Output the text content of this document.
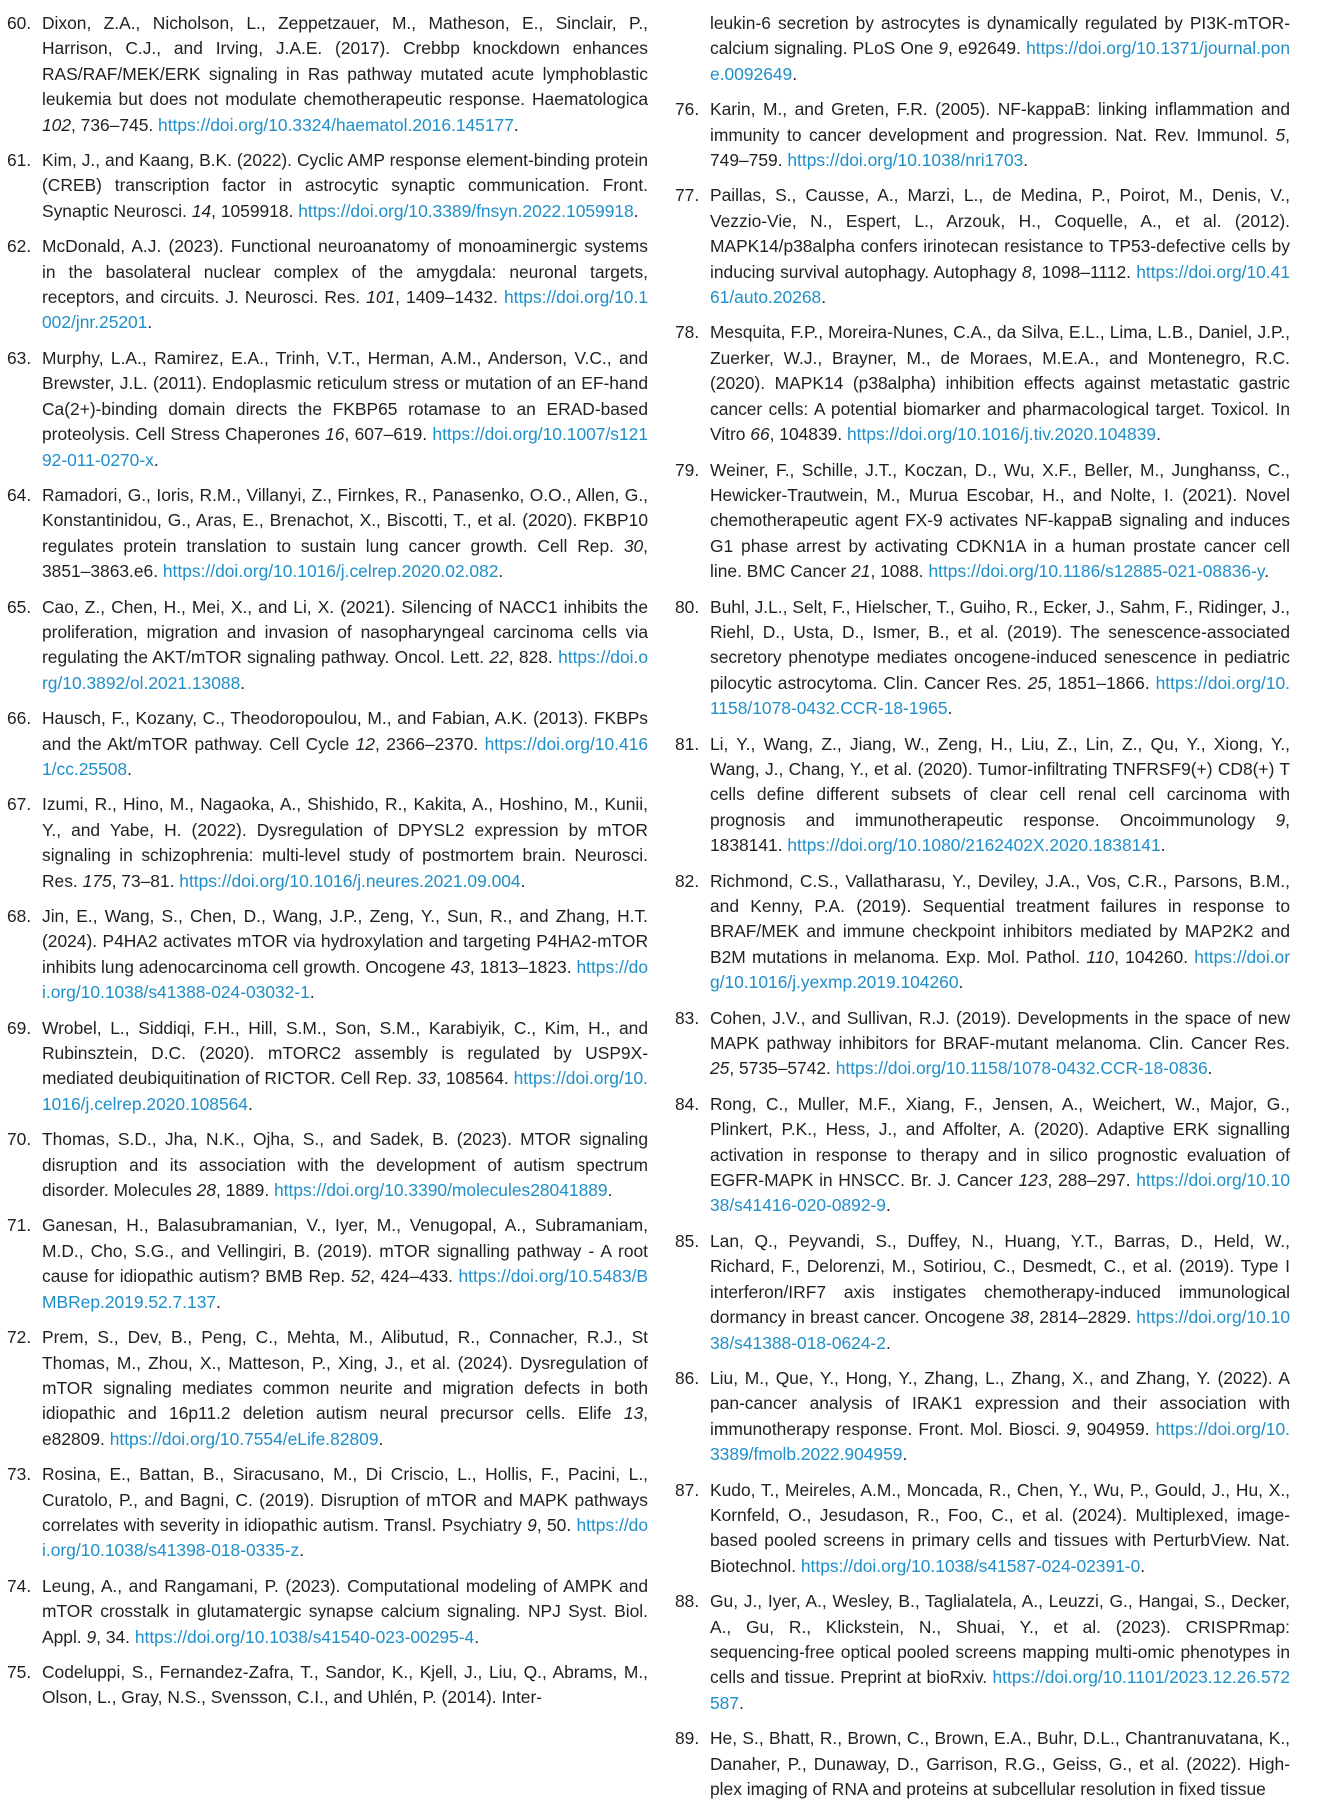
60. Dixon, Z.A., Nicholson, L., Zeppetzauer, M., Matheson, E., Sinclair, P., Harrison, C.J., and Irving, J.A.E. (2017). Crebbp knockdown enhances RAS/RAF/MEK/ERK signaling in Ras pathway mutated acute lymphoblastic leukemia but does not modulate chemotherapeutic response. Haematologica 102, 736–745. https://doi.org/10.3324/haematol.2016.145177.
61. Kim, J., and Kaang, B.K. (2022). Cyclic AMP response element-binding protein (CREB) transcription factor in astrocytic synaptic communication. Front. Synaptic Neurosci. 14, 1059918. https://doi.org/10.3389/fnsyn.2022.1059918.
62. McDonald, A.J. (2023). Functional neuroanatomy of monoaminergic systems in the basolateral nuclear complex of the amygdala: neuronal targets, receptors, and circuits. J. Neurosci. Res. 101, 1409–1432. https://doi.org/10.1002/jnr.25201.
63. Murphy, L.A., Ramirez, E.A., Trinh, V.T., Herman, A.M., Anderson, V.C., and Brewster, J.L. (2011). Endoplasmic reticulum stress or mutation of an EF-hand Ca(2+)-binding domain directs the FKBP65 rotamase to an ERAD-based proteolysis. Cell Stress Chaperones 16, 607–619. https://doi.org/10.1007/s12192-011-0270-x.
64. Ramadori, G., Ioris, R.M., Villanyi, Z., Firnkes, R., Panasenko, O.O., Allen, G., Konstantinidou, G., Aras, E., Brenachot, X., Biscotti, T., et al. (2020). FKBP10 regulates protein translation to sustain lung cancer growth. Cell Rep. 30, 3851–3863.e6. https://doi.org/10.1016/j.celrep.2020.02.082.
65. Cao, Z., Chen, H., Mei, X., and Li, X. (2021). Silencing of NACC1 inhibits the proliferation, migration and invasion of nasopharyngeal carcinoma cells via regulating the AKT/mTOR signaling pathway. Oncol. Lett. 22, 828. https://doi.org/10.3892/ol.2021.13088.
66. Hausch, F., Kozany, C., Theodoropoulou, M., and Fabian, A.K. (2013). FKBPs and the Akt/mTOR pathway. Cell Cycle 12, 2366–2370. https://doi.org/10.4161/cc.25508.
67. Izumi, R., Hino, M., Nagaoka, A., Shishido, R., Kakita, A., Hoshino, M., Kunii, Y., and Yabe, H. (2022). Dysregulation of DPYSL2 expression by mTOR signaling in schizophrenia: multi-level study of postmortem brain. Neurosci. Res. 175, 73–81. https://doi.org/10.1016/j.neures.2021.09.004.
68. Jin, E., Wang, S., Chen, D., Wang, J.P., Zeng, Y., Sun, R., and Zhang, H.T. (2024). P4HA2 activates mTOR via hydroxylation and targeting P4HA2-mTOR inhibits lung adenocarcinoma cell growth. Oncogene 43, 1813–1823. https://doi.org/10.1038/s41388-024-03032-1.
69. Wrobel, L., Siddiqi, F.H., Hill, S.M., Son, S.M., Karabiyik, C., Kim, H., and Rubinsztein, D.C. (2020). mTORC2 assembly is regulated by USP9X-mediated deubiquitination of RICTOR. Cell Rep. 33, 108564. https://doi.org/10.1016/j.celrep.2020.108564.
70. Thomas, S.D., Jha, N.K., Ojha, S., and Sadek, B. (2023). MTOR signaling disruption and its association with the development of autism spectrum disorder. Molecules 28, 1889. https://doi.org/10.3390/molecules28041889.
71. Ganesan, H., Balasubramanian, V., Iyer, M., Venugopal, A., Subramaniam, M.D., Cho, S.G., and Vellingiri, B. (2019). mTOR signalling pathway - A root cause for idiopathic autism? BMB Rep. 52, 424–433. https://doi.org/10.5483/BMBRep.2019.52.7.137.
72. Prem, S., Dev, B., Peng, C., Mehta, M., Alibutud, R., Connacher, R.J., St Thomas, M., Zhou, X., Matteson, P., Xing, J., et al. (2024). Dysregulation of mTOR signaling mediates common neurite and migration defects in both idiopathic and 16p11.2 deletion autism neural precursor cells. Elife 13, e82809. https://doi.org/10.7554/eLife.82809.
73. Rosina, E., Battan, B., Siracusano, M., Di Criscio, L., Hollis, F., Pacini, L., Curatolo, P., and Bagni, C. (2019). Disruption of mTOR and MAPK pathways correlates with severity in idiopathic autism. Transl. Psychiatry 9, 50. https://doi.org/10.1038/s41398-018-0335-z.
74. Leung, A., and Rangamani, P. (2023). Computational modeling of AMPK and mTOR crosstalk in glutamatergic synapse calcium signaling. NPJ Syst. Biol. Appl. 9, 34. https://doi.org/10.1038/s41540-023-00295-4.
75. Codeluppi, S., Fernandez-Zafra, T., Sandor, K., Kjell, J., Liu, Q., Abrams, M., Olson, L., Gray, N.S., Svensson, C.I., and Uhlén, P. (2014). Inter-
leukin-6 secretion by astrocytes is dynamically regulated by PI3K-mTOR-calcium signaling. PLoS One 9, e92649. https://doi.org/10.1371/journal.pone.0092649.
76. Karin, M., and Greten, F.R. (2005). NF-kappaB: linking inflammation and immunity to cancer development and progression. Nat. Rev. Immunol. 5, 749–759. https://doi.org/10.1038/nri1703.
77. Paillas, S., Causse, A., Marzi, L., de Medina, P., Poirot, M., Denis, V., Vezzio-Vie, N., Espert, L., Arzouk, H., Coquelle, A., et al. (2012). MAPK14/p38alpha confers irinotecan resistance to TP53-defective cells by inducing survival autophagy. Autophagy 8, 1098–1112. https://doi.org/10.4161/auto.20268.
78. Mesquita, F.P., Moreira-Nunes, C.A., da Silva, E.L., Lima, L.B., Daniel, J.P., Zuerker, W.J., Brayner, M., de Moraes, M.E.A., and Montenegro, R.C. (2020). MAPK14 (p38alpha) inhibition effects against metastatic gastric cancer cells: A potential biomarker and pharmacological target. Toxicol. In Vitro 66, 104839. https://doi.org/10.1016/j.tiv.2020.104839.
79. Weiner, F., Schille, J.T., Koczan, D., Wu, X.F., Beller, M., Junghanss, C., Hewicker-Trautwein, M., Murua Escobar, H., and Nolte, I. (2021). Novel chemotherapeutic agent FX-9 activates NF-kappaB signaling and induces G1 phase arrest by activating CDKN1A in a human prostate cancer cell line. BMC Cancer 21, 1088. https://doi.org/10.1186/s12885-021-08836-y.
80. Buhl, J.L., Selt, F., Hielscher, T., Guiho, R., Ecker, J., Sahm, F., Ridinger, J., Riehl, D., Usta, D., Ismer, B., et al. (2019). The senescence-associated secretory phenotype mediates oncogene-induced senescence in pediatric pilocytic astrocytoma. Clin. Cancer Res. 25, 1851–1866. https://doi.org/10.1158/1078-0432.CCR-18-1965.
81. Li, Y., Wang, Z., Jiang, W., Zeng, H., Liu, Z., Lin, Z., Qu, Y., Xiong, Y., Wang, J., Chang, Y., et al. (2020). Tumor-infiltrating TNFRSF9(+) CD8(+) T cells define different subsets of clear cell renal cell carcinoma with prognosis and immunotherapeutic response. Oncoimmunology 9, 1838141. https://doi.org/10.1080/2162402X.2020.1838141.
82. Richmond, C.S., Vallatharasu, Y., Deviley, J.A., Vos, C.R., Parsons, B.M., and Kenny, P.A. (2019). Sequential treatment failures in response to BRAF/MEK and immune checkpoint inhibitors mediated by MAP2K2 and B2M mutations in melanoma. Exp. Mol. Pathol. 110, 104260. https://doi.org/10.1016/j.yexmp.2019.104260.
83. Cohen, J.V., and Sullivan, R.J. (2019). Developments in the space of new MAPK pathway inhibitors for BRAF-mutant melanoma. Clin. Cancer Res. 25, 5735–5742. https://doi.org/10.1158/1078-0432.CCR-18-0836.
84. Rong, C., Muller, M.F., Xiang, F., Jensen, A., Weichert, W., Major, G., Plinkert, P.K., Hess, J., and Affolter, A. (2020). Adaptive ERK signalling activation in response to therapy and in silico prognostic evaluation of EGFR-MAPK in HNSCC. Br. J. Cancer 123, 288–297. https://doi.org/10.1038/s41416-020-0892-9.
85. Lan, Q., Peyvandi, S., Duffey, N., Huang, Y.T., Barras, D., Held, W., Richard, F., Delorenzi, M., Sotiriou, C., Desmedt, C., et al. (2019). Type I interferon/IRF7 axis instigates chemotherapy-induced immunological dormancy in breast cancer. Oncogene 38, 2814–2829. https://doi.org/10.1038/s41388-018-0624-2.
86. Liu, M., Que, Y., Hong, Y., Zhang, L., Zhang, X., and Zhang, Y. (2022). A pan-cancer analysis of IRAK1 expression and their association with immunotherapy response. Front. Mol. Biosci. 9, 904959. https://doi.org/10.3389/fmolb.2022.904959.
87. Kudo, T., Meireles, A.M., Moncada, R., Chen, Y., Wu, P., Gould, J., Hu, X., Kornfeld, O., Jesudason, R., Foo, C., et al. (2024). Multiplexed, image-based pooled screens in primary cells and tissues with PerturbView. Nat. Biotechnol. https://doi.org/10.1038/s41587-024-02391-0.
88. Gu, J., Iyer, A., Wesley, B., Taglialatela, A., Leuzzi, G., Hangai, S., Decker, A., Gu, R., Klickstein, N., Shuai, Y., et al. (2023). CRISPRmap: sequencing-free optical pooled screens mapping multi-omic phenotypes in cells and tissue. Preprint at bioRxiv. https://doi.org/10.1101/2023.12.26.572587.
89. He, S., Bhatt, R., Brown, C., Brown, E.A., Buhr, D.L., Chantranuvatana, K., Danaher, P., Dunaway, D., Garrison, R.G., Geiss, G., et al. (2022). High-plex imaging of RNA and proteins at subcellular resolution in fixed tissue
